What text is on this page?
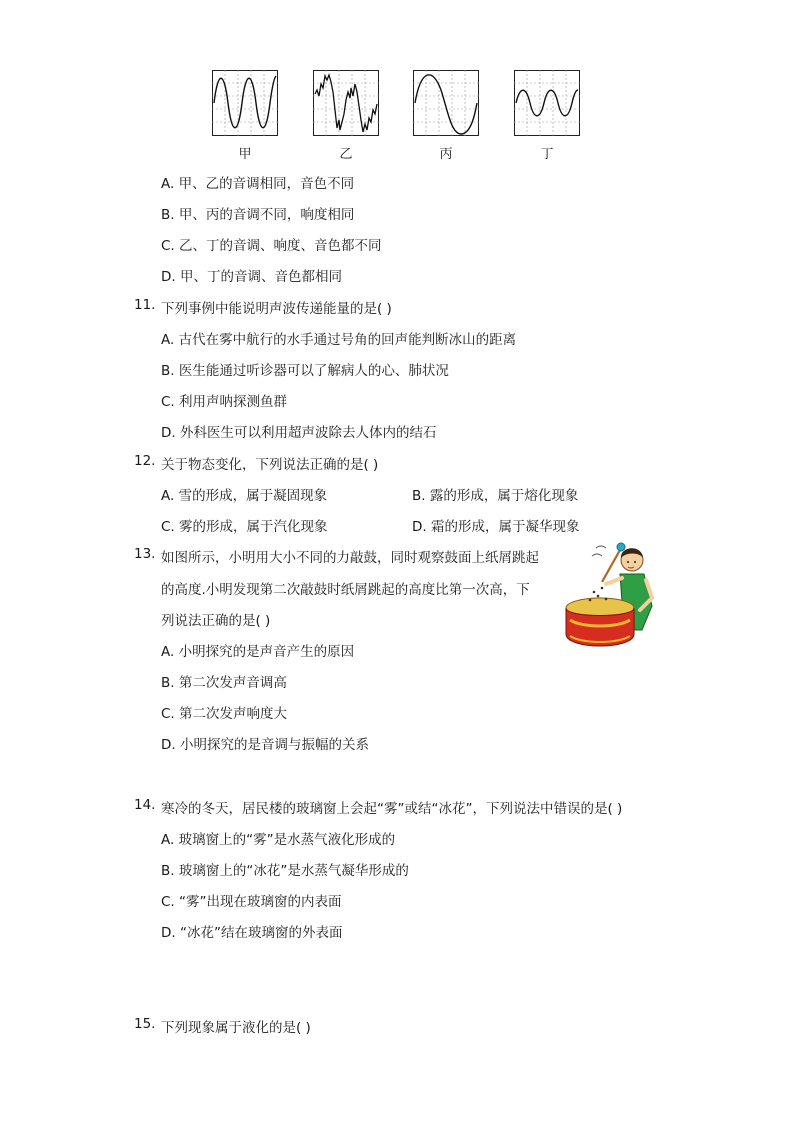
甲	乙	丙	丁
A. 甲、乙的音调相同，音色不同
B. 甲、丙的音调不同，响度相同
C. 乙、丁的音调、响度、音色都不同
D. 甲、丁的音调、音色都相同
11. 下列事例中能说明声波传递能量的是( )
A. 古代在雾中航行的水手通过号角的回声能判断冰山的距离
B. 医生能通过听诊器可以了解病人的心、肺状况
C. 利用声呐探测鱼群
D. 外科医生可以利用超声波除去人体内的结石
12. 关于物态变化，下列说法正确的是( )
A. 雪的形成，属于凝固现象	B. 露的形成，属于熔化现象
C. 雾的形成，属于汽化现象	D. 霜的形成，属于凝华现象
13. 如图所示，小明用大小不同的力敲鼓，同时观察鼓面上纸屑跳起
的高度.小明发现第二次敲鼓时纸屑跳起的高度比第一次高，下
列说法正确的是( )
A. 小明探究的是声音产生的原因
B. 第二次发声音调高
C. 第二次发声响度大
D. 小明探究的是音调与振幅的关系
14. 寒冷的冬天，居民楼的玻璃窗上会起“雾”或结“冰花”，下列说法中错误的是( )
A. 玻璃窗上的“雾”是水蒸气液化形成的
B. 玻璃窗上的“冰花”是水蒸气凝华形成的
C. “雾”出现在玻璃窗的内表面
D. “冰花”结在玻璃窗的外表面
15. 下列现象属于液化的是( )
